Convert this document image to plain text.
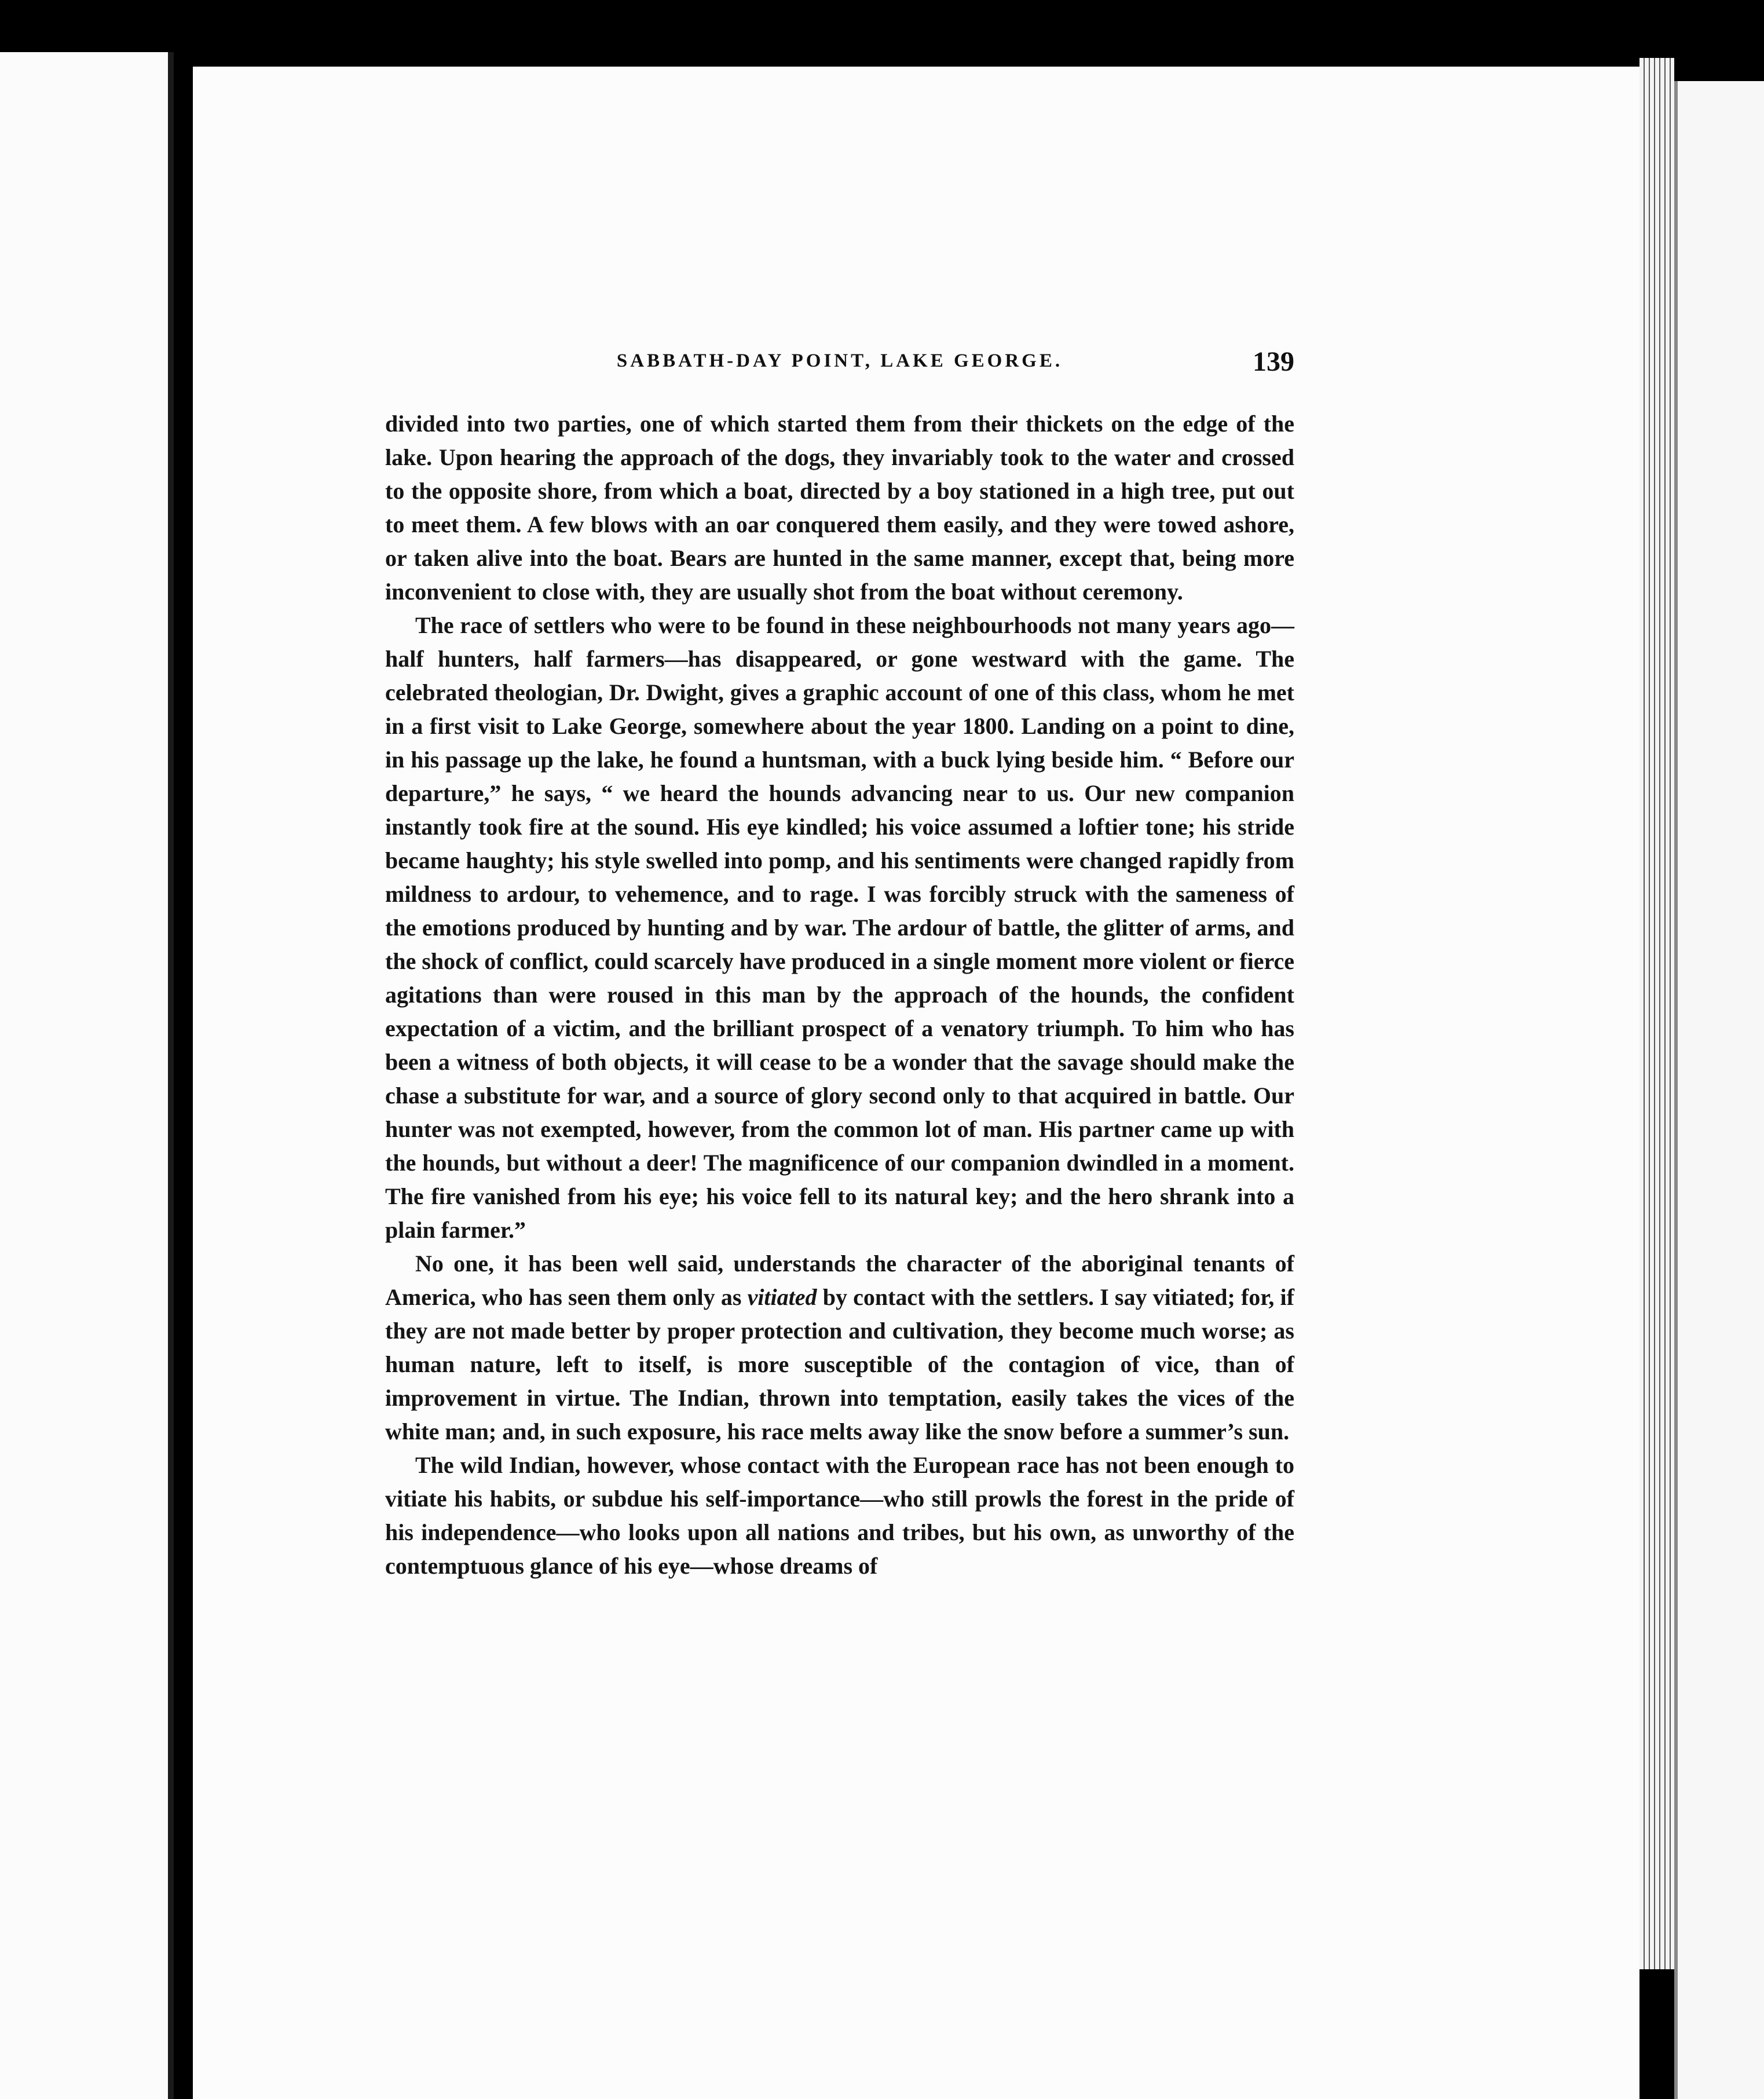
SABBATH-DAY POINT, LAKE GEORGE.	139

divided into two parties, one of which started them from their thickets on the edge of the lake. Upon hearing the approach of the dogs, they invariably took to the water and crossed to the opposite shore, from which a boat, directed by a boy stationed in a high tree, put out to meet them. A few blows with an oar conquered them easily, and they were towed ashore, or taken alive into the boat. Bears are hunted in the same manner, except that, being more inconvenient to close with, they are usually shot from the boat without ceremony.

The race of settlers who were to be found in these neighbourhoods not many years ago—half hunters, half farmers—has disappeared, or gone westward with the game. The celebrated theologian, Dr. Dwight, gives a graphic account of one of this class, whom he met in a first visit to Lake George, somewhere about the year 1800. Landing on a point to dine, in his passage up the lake, he found a huntsman, with a buck lying beside him. “ Before our departure,” he says, “ we heard the hounds advancing near to us. Our new companion instantly took fire at the sound. His eye kindled; his voice assumed a loftier tone; his stride became haughty; his style swelled into pomp, and his sentiments were changed rapidly from mildness to ardour, to vehemence, and to rage. I was forcibly struck with the sameness of the emotions produced by hunting and by war. The ardour of battle, the glitter of arms, and the shock of conflict, could scarcely have produced in a single moment more violent or fierce agitations than were roused in this man by the approach of the hounds, the confident expectation of a victim, and the brilliant prospect of a venatory triumph. To him who has been a witness of both objects, it will cease to be a wonder that the savage should make the chase a substitute for war, and a source of glory second only to that acquired in battle. Our hunter was not exempted, however, from the common lot of man. His partner came up with the hounds, but without a deer! The magnificence of our companion dwindled in a moment. The fire vanished from his eye; his voice fell to its natural key; and the hero shrank into a plain farmer.”

No one, it has been well said, understands the character of the aboriginal tenants of America, who has seen them only as vitiated by contact with the settlers. I say vitiated; for, if they are not made better by proper protection and cultivation, they become much worse; as human nature, left to itself, is more susceptible of the contagion of vice, than of improvement in virtue. The Indian, thrown into temptation, easily takes the vices of the white man; and, in such exposure, his race melts away like the snow before a summer’s sun.

The wild Indian, however, whose contact with the European race has not been enough to vitiate his habits, or subdue his self-importance—who still prowls the forest in the pride of his independence—who looks upon all nations and tribes, but his own, as unworthy of the contemptuous glance of his eye—whose dreams of
